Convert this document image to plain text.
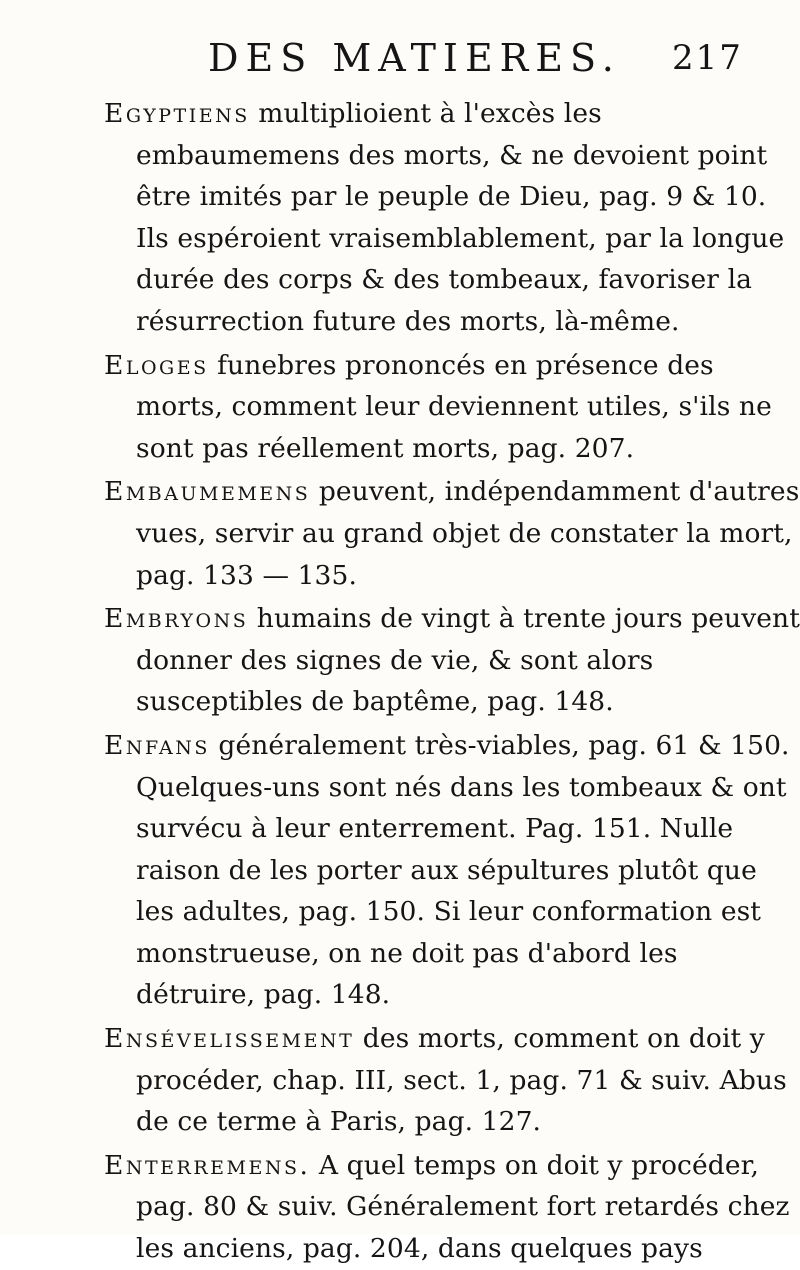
DES MATIERES. 217

Egyptiens multiplioient à l'excès les embaumemens des morts, & ne devoient point être imités par le peuple de Dieu, pag. 9 & 10. Ils espéroient vraisemblablement, par la longue durée des corps & des tombeaux, favoriser la résurrection future des morts, là-même.

Eloges funebres prononcés en présence des morts, comment leur deviennent utiles, s'ils ne sont pas réellement morts, pag. 207.

Embaumemens peuvent, indépendamment d'autres vues, servir au grand objet de constater la mort, pag. 133 — 135.

Embryons humains de vingt à trente jours peuvent donner des signes de vie, & sont alors susceptibles de baptême, pag. 148.

Enfans généralement très-viables, pag. 61 & 150. Quelques-uns sont nés dans les tombeaux & ont survécu à leur enterrement. Pag. 151. Nulle raison de les porter aux sépultures plutôt que les adultes, pag. 150. Si leur conformation est monstrueuse, on ne doit pas d'abord les détruire, pag. 148.

Ensévelissement des morts, comment on doit y procéder, chap. III, sect. 1, pag. 71 & suiv. Abus de ce terme à Paris, pag. 127.

Enterremens. A quel temps on doit y procéder, pag. 80 & suiv. Généralement fort retardés chez les anciens, pag. 204, dans quelques pays
